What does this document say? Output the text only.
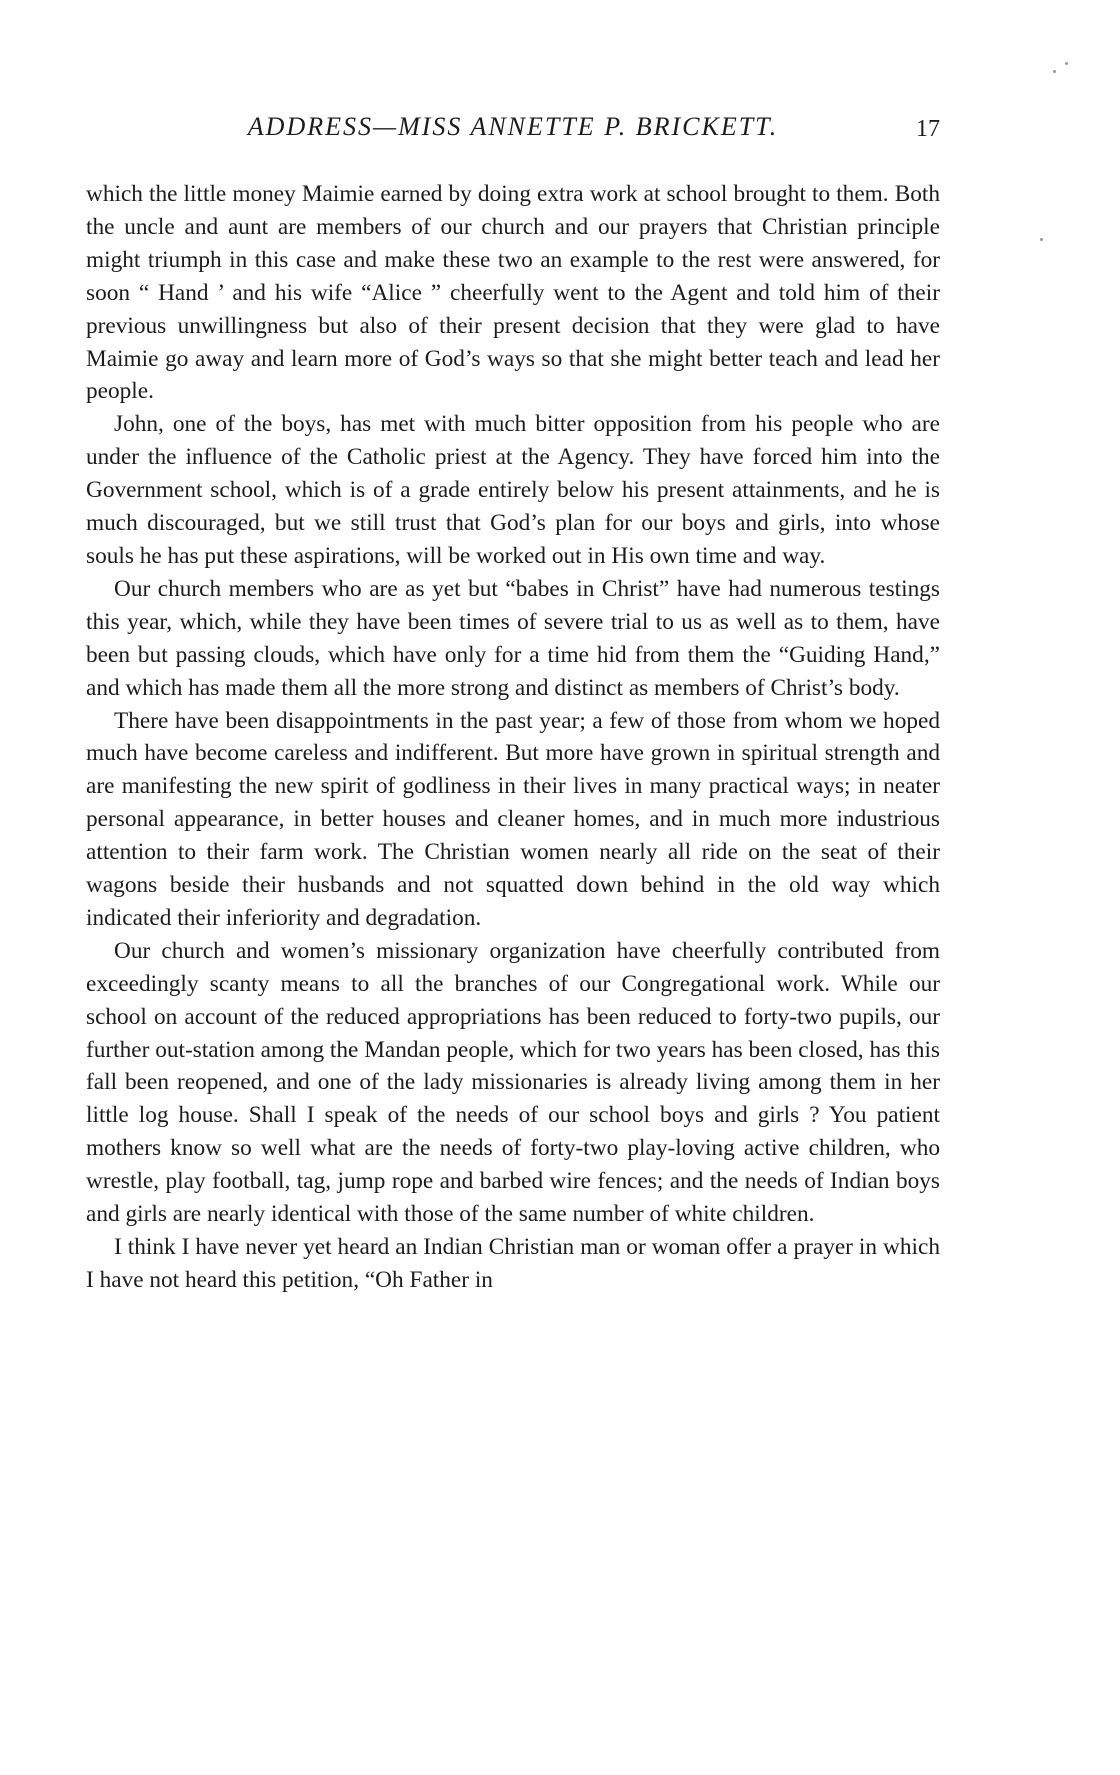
ADDRESS—MISS ANNETTE P. BRICKETT.	17

which the little money Maimie earned by doing extra work at school brought to them. Both the uncle and aunt are members of our church and our prayers that Christian principle might triumph in this case and make these two an example to the rest were answered, for soon “ Hand ’ and his wife “Alice ” cheerfully went to the Agent and told him of their previous unwillingness but also of their present decision that they were glad to have Maimie go away and learn more of God’s ways so that she might better teach and lead her people.

John, one of the boys, has met with much bitter opposition from his people who are under the influence of the Catholic priest at the Agency. They have forced him into the Government school, which is of a grade entirely below his present attainments, and he is much discouraged, but we still trust that God’s plan for our boys and girls, into whose souls he has put these aspirations, will be worked out in His own time and way.

Our church members who are as yet but “babes in Christ” have had numerous testings this year, which, while they have been times of severe trial to us as well as to them, have been but passing clouds, which have only for a time hid from them the “Guiding Hand,” and which has made them all the more strong and distinct as members of Christ’s body.

There have been disappointments in the past year; a few of those from whom we hoped much have become careless and indifferent. But more have grown in spiritual strength and are manifesting the new spirit of godliness in their lives in many practical ways; in neater personal appearance, in better houses and cleaner homes, and in much more industrious attention to their farm work. The Christian women nearly all ride on the seat of their wagons beside their husbands and not squatted down behind in the old way which indicated their inferiority and degradation.

Our church and women’s missionary organization have cheerfully contributed from exceedingly scanty means to all the branches of our Congregational work. While our school on account of the reduced appropriations has been reduced to forty-two pupils, our further out-station among the Mandan people, which for two years has been closed, has this fall been reopened, and one of the lady missionaries is already living among them in her little log house. Shall I speak of the needs of our school boys and girls ? You patient mothers know so well what are the needs of forty-two play-loving active children, who wrestle, play football, tag, jump rope and barbed wire fences; and the needs of Indian boys and girls are nearly identical with those of the same number of white children.

I think I have never yet heard an Indian Christian man or woman offer a prayer in which I have not heard this petition, “Oh Father in
